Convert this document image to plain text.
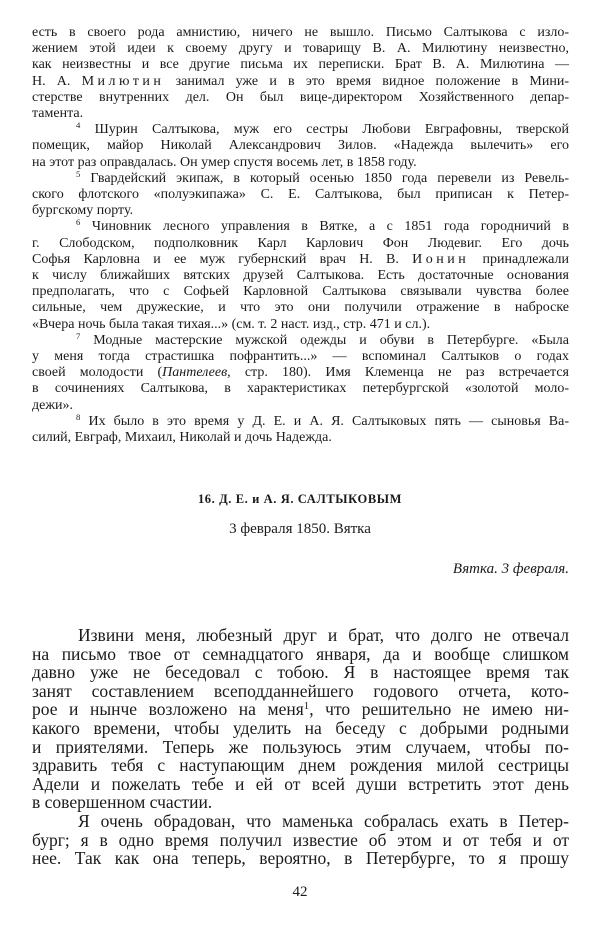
есть в своего рода амнистию, ничего не вышло. Письмо Салтыкова с изло-
жением этой идеи к своему другу и товарищу В. А. Милютину неизвестно,
как неизвестны и все другие письма их переписки. Брат В. А. Милютина —
Н. А. Милютин занимал уже и в это время видное положение в Мини-
стерстве внутренних дел. Он был вице-директором Хозяйственного депар-
тамента.
$^4$ Шурин Салтыкова, муж его сестры Любови Евграфовны, тверской
помещик, майор Николай Александрович Зилов. «Надежда вылечить» его
на этот раз оправдалась. Он умер спустя восемь лет, в 1858 году.
$^5$ Гвардейский экипаж, в который осенью 1850 года перевели из Ревель-
ского флотского «полуэкипажа» С. Е. Салтыкова, был приписан к Петер-
бургскому порту.
$^6$ Чиновник лесного управления в Вятке, а с 1851 года городничий в
г. Слободском, подполковник Карл Карлович Фон Людевиг. Его дочь
Софья Карловна и ее муж губернский врач Н. В. Ионин принадлежали
к числу ближайших вятских друзей Салтыкова. Есть достаточные основания
предполагать, что с Софьей Карловной Салтыкова связывали чувства более
сильные, чем дружеские, и что это они получили отражение в наброске
«Вчера ночь была такая тихая...» (см. т. 2 наст. изд., стр. 471 и сл.).
$^7$ Модные мастерские мужской одежды и обуви в Петербурге. «Была
у меня тогда страстишка пофрантить...» — вспоминал Салтыков о годах
своей молодости (Пантелеев, стр. 180). Имя Клеменца не раз встречается
в сочинениях Салтыкова, в характеристиках петербургской «золотой моло-
дежи».
$^8$ Их было в это время у Д. Е. и А. Я. Салтыковых пять — сыновья Ва-
силий, Евграф, Михаил, Николай и дочь Надежда.
16. Д. Е. и А. Я. САЛТЫКОВЫМ
3 февраля 1850. Вятка
Вятка. 3 февраля.
Извини меня, любезный друг и брат, что долго не отвечал
на письмо твое от семнадцатого января, да и вообще слишком
давно уже не беседовал с тобою. Я в настоящее время так
занят составлением всеподданнейшего годового отчета, кото-
рое и нынче возложено на меня$^1$, что решительно не имею ни-
какого времени, чтобы уделить на беседу с добрыми родными
и приятелями. Теперь же пользуюсь этим случаем, чтобы по-
здравить тебя с наступающим днем рождения милой сестрицы
Адели и пожелать тебе и ей от всей души встретить этот день
в совершенном счастии.
Я очень обрадован, что маменька собралась ехать в Петер-
бург; я в одно время получил известие об этом и от тебя и от
нее. Так как она теперь, вероятно, в Петербурге, то я прошу
42
